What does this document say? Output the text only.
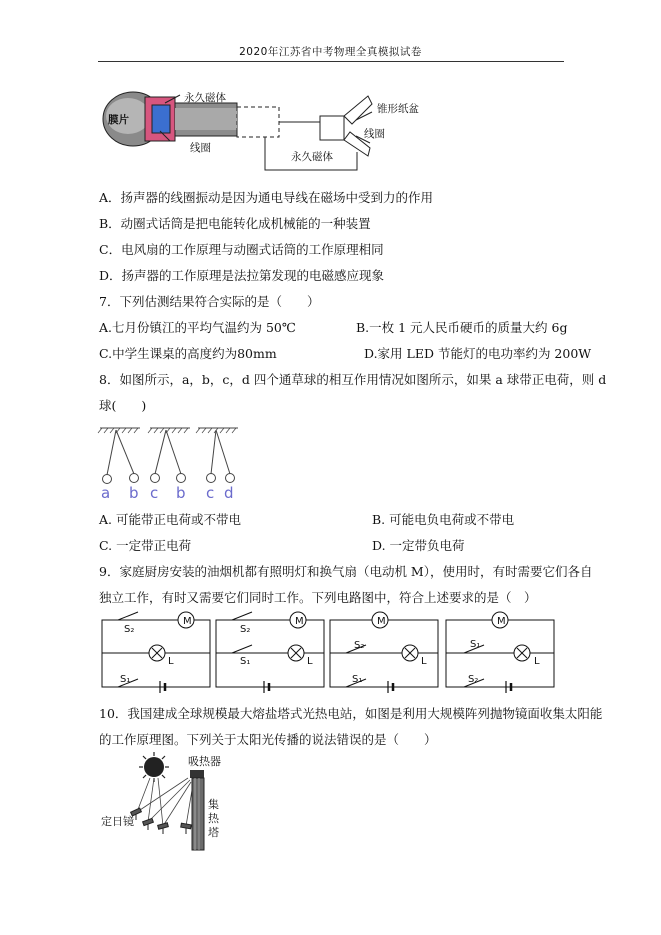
2020年江苏省中考物理全真模拟试卷
永久磁体
膜片
线圈
锥形纸盆
线圈
永久磁体
A．扬声器的线圈振动是因为通电导线在磁场中受到力的作用
B．动圈式话筒是把电能转化成机械能的一种装置
C．电风扇的工作原理与动圈式话筒的工作原理相同
D．扬声器的工作原理是法拉第发现的电磁感应现象
7．下列估测结果符合实际的是（　　）
A.七月份镇江的平均气温约为 50℃	B.一枚 1 元人民币硬币的质量大约 6g
C.中学生课桌的高度约为80mm	D.家用 LED 节能灯的电功率约为 200W
8．如图所示，a，b，c，d 四个通草球的相互作用情况如图所示，如果 a 球带正电荷，则 d
球(　　)
a b c b c d
A. 可能带正电荷或不带电	B. 可能电负电荷或不带电
C. 一定带正电荷	D. 一定带负电荷
9．家庭厨房安装的油烟机都有照明灯和换气扇（电动机 M），使用时，有时需要它们各自
独立工作，有时又需要它们同时工作。下列电路图中，符合上述要求的是（　）
M	M	M	M
L	L	L	L
S₂
S₁
S₂
S₁
S₂
S₁
S₁
S₂
10．我国建成全球规模最大熔盐塔式光热电站，如图是利用大规模阵列抛物镜面收集太阳能
的工作原理图。下列关于太阳光传播的说法错误的是（　　）
吸热器
定日镜
集
热
塔
